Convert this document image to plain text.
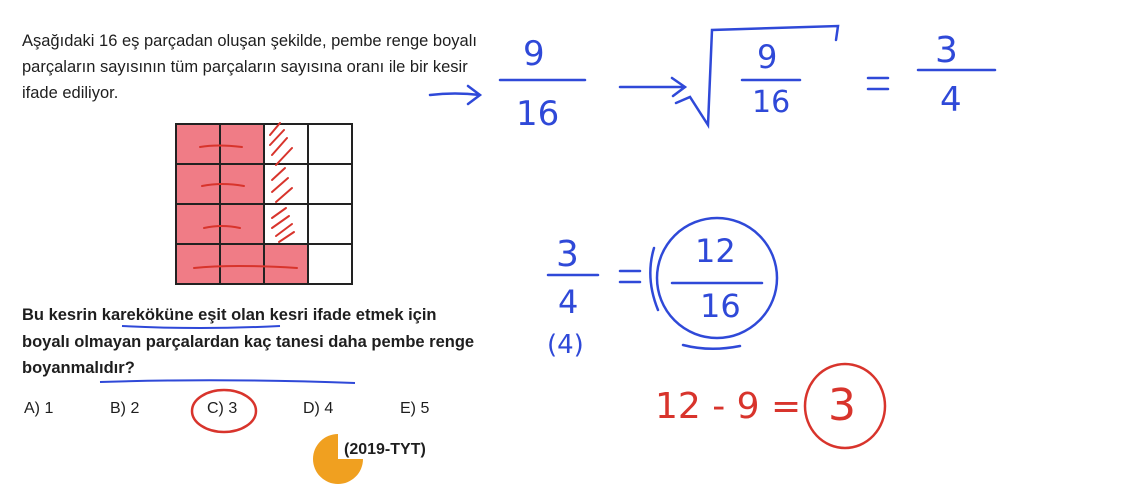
Aşağıdaki 16 eş parçadan oluşan şekilde, pembe renge boyalı parçaların sayısının tüm parçaların sayısına oranı ile bir kesir ifade ediliyor.
Bu kesrin kareköküne eşit olan kesri ifade etmek için boyalı olmayan parçalardan kaç tanesi daha pembe renge boyanmalıdır?
A) 1	B) 2	C) 3	D) 4	E) 5
(2019-TYT)
9
16
9
16
3
4
3
4
12
16
(4)
12 - 9 = 3
